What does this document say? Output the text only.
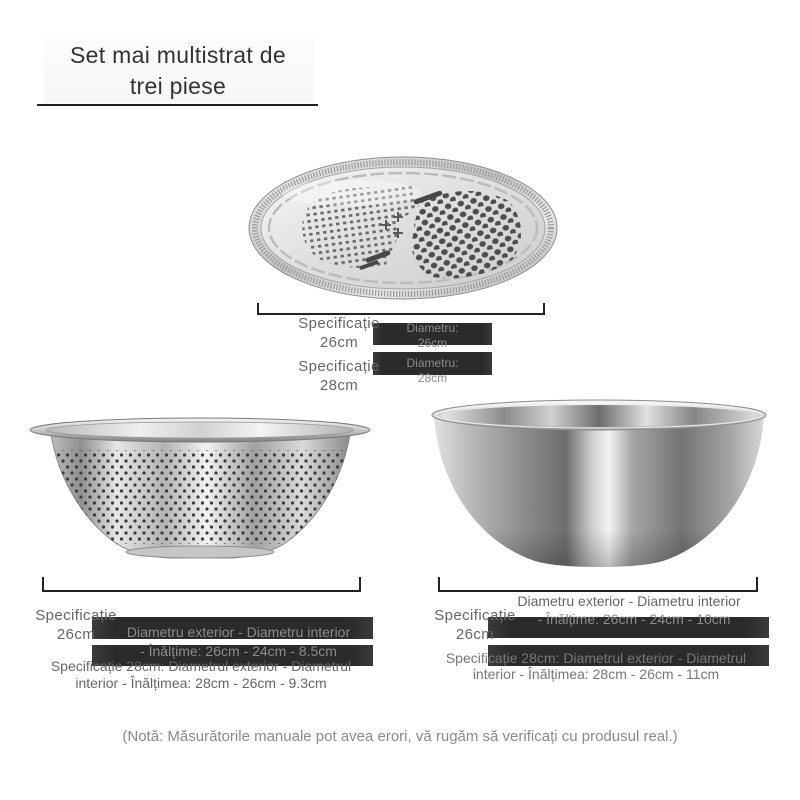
Set mai multistrat de
trei piese
Specificație
26cm
Diametru:
26cm
Specificație
28cm
Diametru:
28cm
Specificație
26cm	Diametru exterior - Diametru interior
- Înălțime: 26cm - 24cm - 8.5cm
Specificație 28cm: Diametrul exterior - Diametrul
interior - Înălțimea: 28cm - 26cm - 9.3cm
Diametru exterior - Diametru interior
Specificație
26cm
- Înălțime: 26cm - 24cm - 10cm
Specificație 28cm: Diametrul exterior - Diametrul
interior - Înălțimea: 28cm - 26cm - 11cm
(Notă: Măsurătorile manuale pot avea erori, vă rugăm să verificați cu produsul real.)
